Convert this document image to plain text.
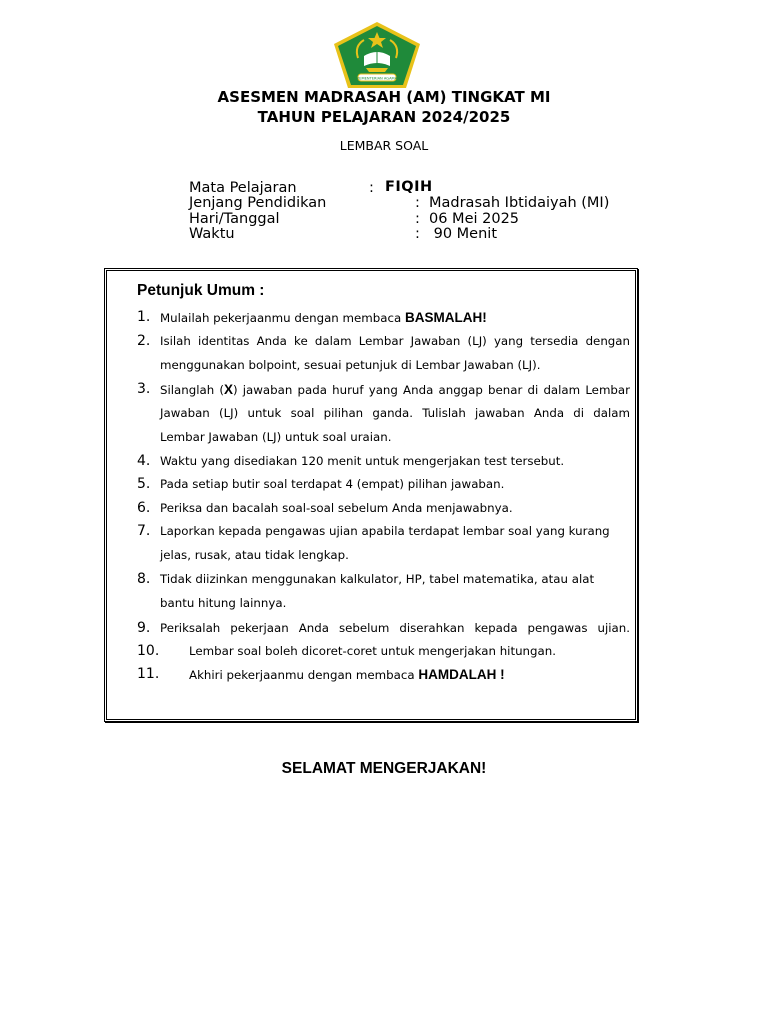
KEMENTERIAN AGAMA
ASESMEN MADRASAH (AM) TINGKAT MI
TAHUN PELAJARAN 2024/2025
LEMBAR SOAL
Mata Pelajaran	: FIQIH
Jenjang Pendidikan	: Madrasah Ibtidaiyah (MI)
Hari/Tanggal	: 06 Mei 2025
Waktu	: 90 Menit
Petunjuk Umum :
1. Mulailah pekerjaanmu dengan membaca BASMALAH!
2. Isilah identitas Anda ke dalam Lembar Jawaban (LJ) yang tersedia dengan
menggunakan bolpoint, sesuai petunjuk di Lembar Jawaban (LJ).
3. Silanglah (X) jawaban pada huruf yang Anda anggap benar di dalam Lembar
Jawaban (LJ) untuk soal pilihan ganda. Tulislah jawaban Anda di dalam
Lembar Jawaban (LJ) untuk soal uraian.
4. Waktu yang disediakan 120 menit untuk mengerjakan test tersebut.
5. Pada setiap butir soal terdapat 4 (empat) pilihan jawaban.
6. Periksa dan bacalah soal-soal sebelum Anda menjawabnya.
7. Laporkan kepada pengawas ujian apabila terdapat lembar soal yang kurang
jelas, rusak, atau tidak lengkap.
8. Tidak diizinkan menggunakan kalkulator, HP, tabel matematika, atau alat
bantu hitung lainnya.
9. Periksalah pekerjaan Anda sebelum diserahkan kepada pengawas ujian.
10.	Lembar soal boleh dicoret-coret untuk mengerjakan hitungan.
11.	Akhiri pekerjaanmu dengan membaca HAMDALAH !
SELAMAT MENGERJAKAN!
